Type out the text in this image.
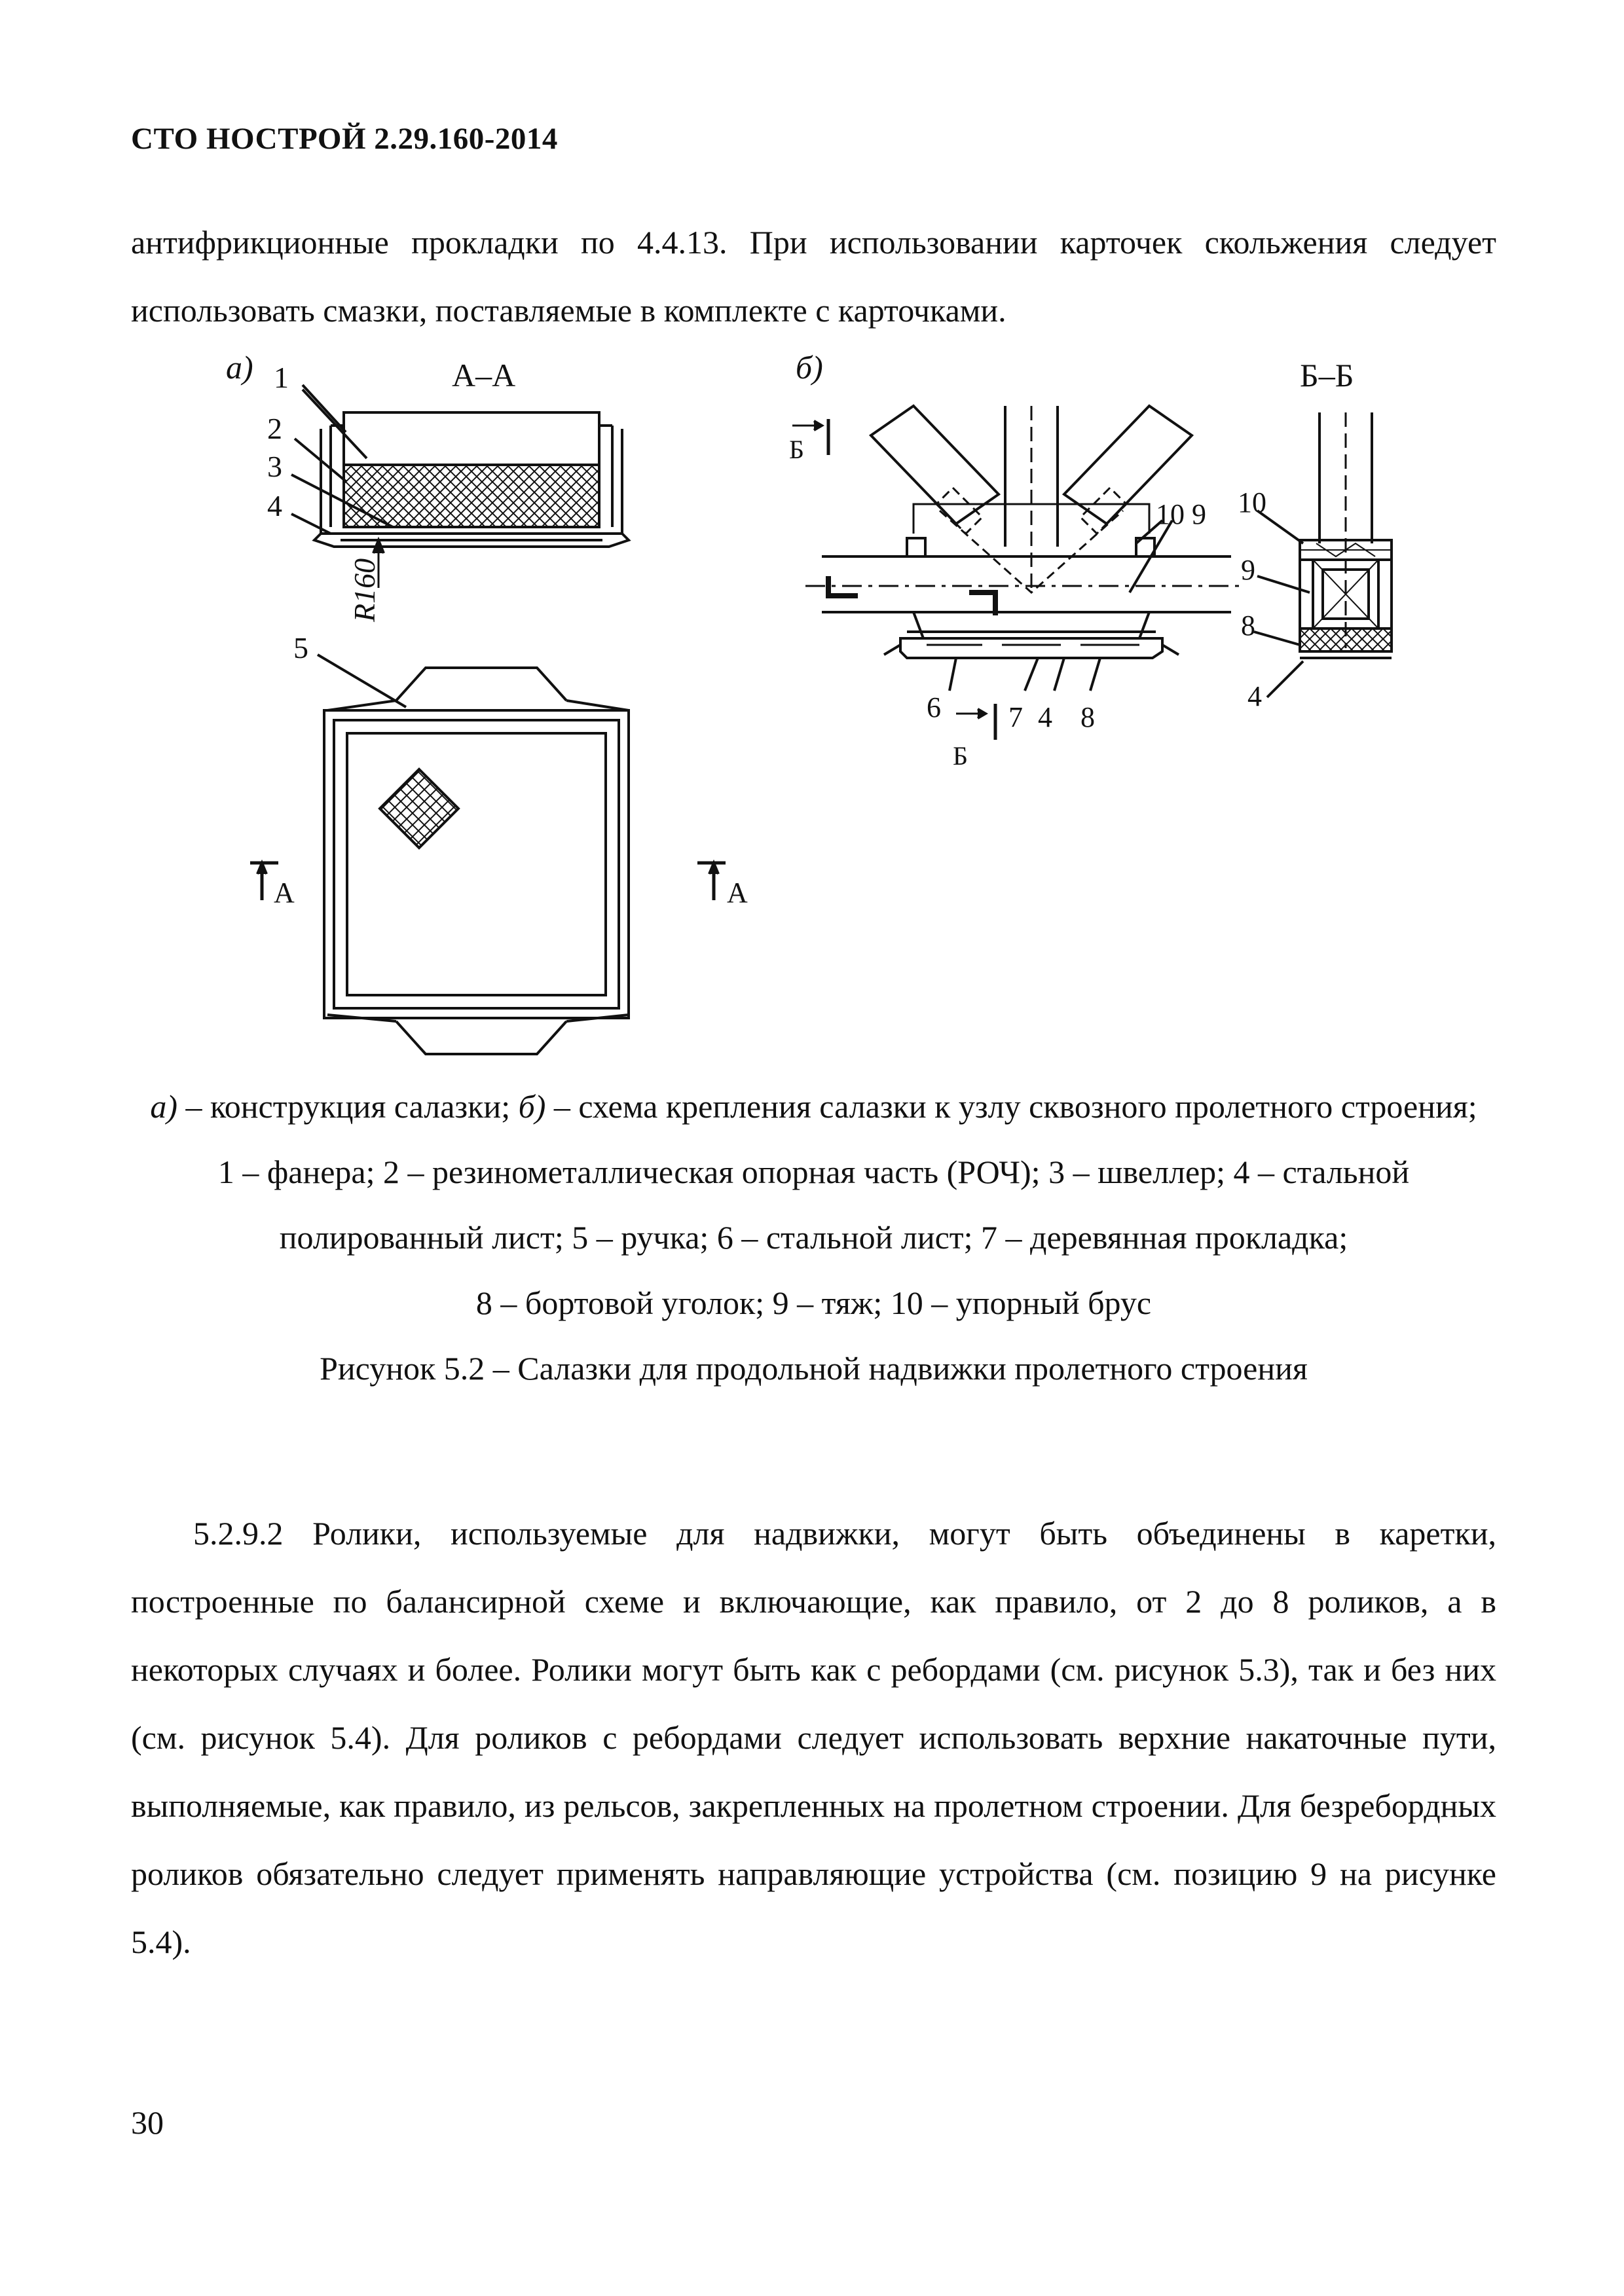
СТО НОСТРОЙ 2.29.160-2014
антифрикционные прокладки по 4.4.13. При использовании карточек скольжения следует использовать смазки, поставляемые в комплекте с карточками.
а)	А–А
1
2
3
4
R160
5
А	А
б)
6 7 4 8
10 9
Б
Б
Б–Б
10
9
8
4
а) – конструкция салазки; б) – схема крепления салазки к узлу сквозного пролетного строения;
1 – фанера; 2 – резинометаллическая опорная часть (РОЧ); 3 – швеллер; 4 – стальной полированный лист; 5 – ручка; 6 – стальной лист; 7 – деревянная прокладка;
8 – бортовой уголок; 9 – тяж; 10 – упорный брус
Рисунок 5.2 – Салазки для продольной надвижки пролетного строения
5.2.9.2 Ролики, используемые для надвижки, могут быть объединены в каретки, построенные по балансирной схеме и включающие, как правило, от 2 до 8 роликов, а в некоторых случаях и более. Ролики могут быть как с ребордами (см. рисунок 5.3), так и без них (см. рисунок 5.4). Для роликов с ребордами следует использовать верхние накаточные пути, выполняемые, как правило, из рельсов, закрепленных на пролетном строении. Для безребордных роликов обязательно следует применять направляющие устройства (см. позицию 9 на рисунке 5.4).
30
